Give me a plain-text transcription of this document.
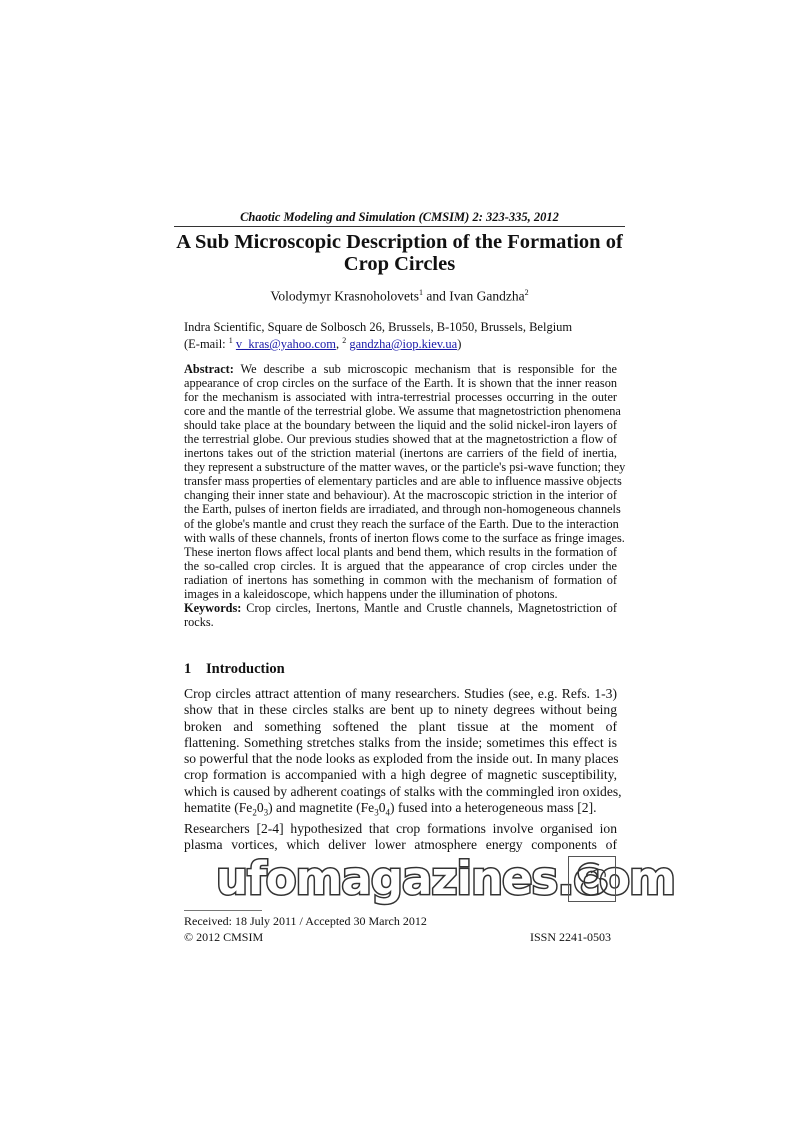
Chaotic Modeling and Simulation (CMSIM) 2: 323-335, 2012
A Sub Microscopic Description of the Formation of
Crop Circles
Volodymyr Krasnoholovets$^1$ and Ivan Gandzha$^2$
Indra Scientific, Square de Solbosch 26, Brussels, B-1050, Brussels, Belgium
(E-mail: $^1$ v_kras@yahoo.com, $^2$ gandzha@iop.kiev.ua)
Abstract: We describe a sub microscopic mechanism that is responsible for the
appearance of crop circles on the surface of the Earth. It is shown that the inner reason
for the mechanism is associated with intra-terrestrial processes occurring in the outer
core and the mantle of the terrestrial globe. We assume that magnetostriction phenomena
should take place at the boundary between the liquid and the solid nickel-iron layers of
the terrestrial globe. Our previous studies showed that at the magnetostriction a flow of
inertons takes out of the striction material (inertons are carriers of the field of inertia,
they represent a substructure of the matter waves, or the particle's psi-wave function; they
transfer mass properties of elementary particles and are able to influence massive objects
changing their inner state and behaviour). At the macroscopic striction in the interior of
the Earth, pulses of inerton fields are irradiated, and through non-homogeneous channels
of the globe's mantle and crust they reach the surface of the Earth. Due to the interaction
with walls of these channels, fronts of inerton flows come to the surface as fringe images.
These inerton flows affect local plants and bend them, which results in the formation of
the so-called crop circles. It is argued that the appearance of crop circles under the
radiation of inertons has something in common with the mechanism of formation of
images in a kaleidoscope, which happens under the illumination of photons.
Keywords: Crop circles, Inertons, Mantle and Crustle channels, Magnetostriction of
rocks.
1 Introduction
Crop circles attract attention of many researchers. Studies (see, e.g. Refs. 1-3)
show that in these circles stalks are bent up to ninety degrees without being
broken and something softened the plant tissue at the moment of
flattening. Something stretches stalks from the inside; sometimes this effect is
so powerful that the node looks as exploded from the inside out. In many places
crop formation is accompanied with a high degree of magnetic susceptibility,
which is caused by adherent coatings of stalks with the commingled iron oxides,
hematite $(Fe_20_3)$ and magnetite $(Fe_30_4)$ fused into a heterogeneous mass [2].
Researchers [2-4] hypothesized that crop formations involve organised ion
plasma vortices, which deliver lower atmosphere energy components of
ufomagazines.com
Received: 18 July 2011 / Accepted 30 March 2012
© 2012 CMSIM	ISSN 2241-0503
